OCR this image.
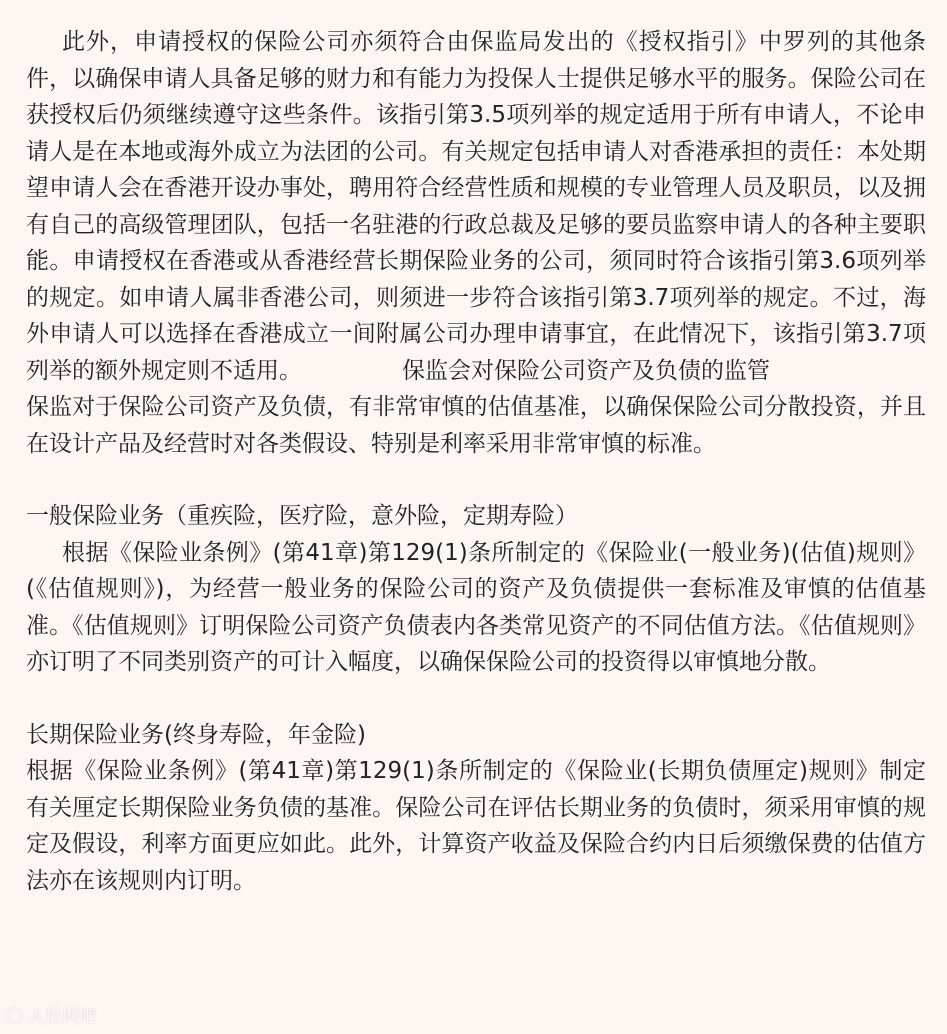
此外，申请授权的保险公司亦须符合由保监局发出的《授权指引》中罗列的其他条件，以确保申请人具备足够的财力和有能力为投保人士提供足够水平的服务。保险公司在获授权后仍须继续遵守这些条件。该指引第3.5项列举的规定适用于所有申请人，不论申请人是在本地或海外成立为法团的公司。有关规定包括申请人对香港承担的责任：本处期望申请人会在香港开设办事处，聘用符合经营性质和规模的专业管理人员及职员，以及拥有自己的高级管理团队，包括一名驻港的行政总裁及足够的要员监察申请人的各种主要职能。申请授权在香港或从香港经营长期保险业务的公司，须同时符合该指引第3.6项列举的规定。如申请人属非香港公司，则须进一步符合该指引第3.7项列举的规定。不过，海外申请人可以选择在香港成立一间附属公司办理申请事宜，在此情况下，该指引第3.7项列举的额外规定则不适用。	保监会对保险公司资产及负债的监管

保监对于保险公司资产及负债，有非常审慎的估值基准，以确保保险公司分散投资，并且在设计产品及经营时对各类假设、特别是利率采用非常审慎的标准。

一般保险业务（重疾险，医疗险，意外险，定期寿险）

根据《保险业条例》(第41章)第129(1)条所制定的《保险业(一般业务)(估值)规则》(《估值规则》)，为经营一般业务的保险公司的资产及负债提供一套标准及审慎的估值基准。《估值规则》订明保险公司资产负债表内各类常见资产的不同估值方法。《估值规则》亦订明了不同类别资产的可计入幅度，以确保保险公司的投资得以审慎地分散。

长期保险业务(终身寿险，年金险)

根据《保险业条例》(第41章)第129(1)条所制定的《保险业(长期负债厘定)规则》制定有关厘定长期保险业务负债的基准。保险公司在评估长期业务的负债时，须采用审慎的规定及假设，利率方面更应如此。此外，计算资产收益及保险合约内日后须缴保费的估值方法亦在该规则内订明。

〇 人民网吧
